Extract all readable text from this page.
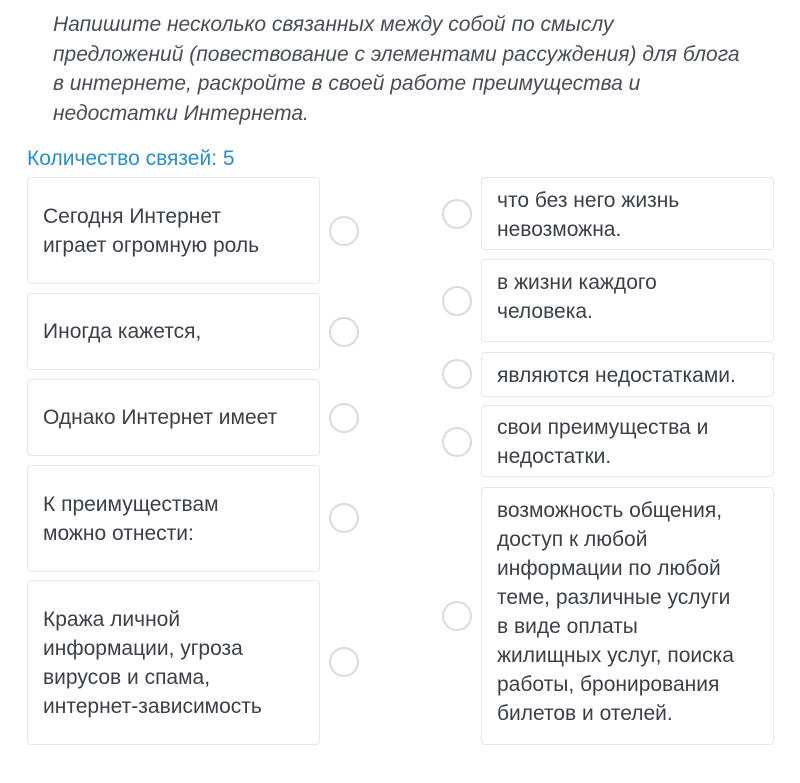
Напишите несколько связанных между собой по смыслу
предложений (повествование с элементами рассуждения) для блога
в интернете, раскройте в своей работе преимущества и
недостатки Интернета.
Количество связей: 5
Сегодня Интернет
играет огромную роль
Иногда кажется,
Однако Интернет имеет
К преимуществам
можно отнести:
Кража личной
информации, угроза
вирусов и спама,
интернет-зависимость
что без него жизнь
невозможна.
в жизни каждого
человека.
являются недостатками.
свои преимущества и
недостатки.
возможность общения,
доступ к любой
информации по любой
теме, различные услуги
в виде оплаты
жилищных услуг, поиска
работы, бронирования
билетов и отелей.
